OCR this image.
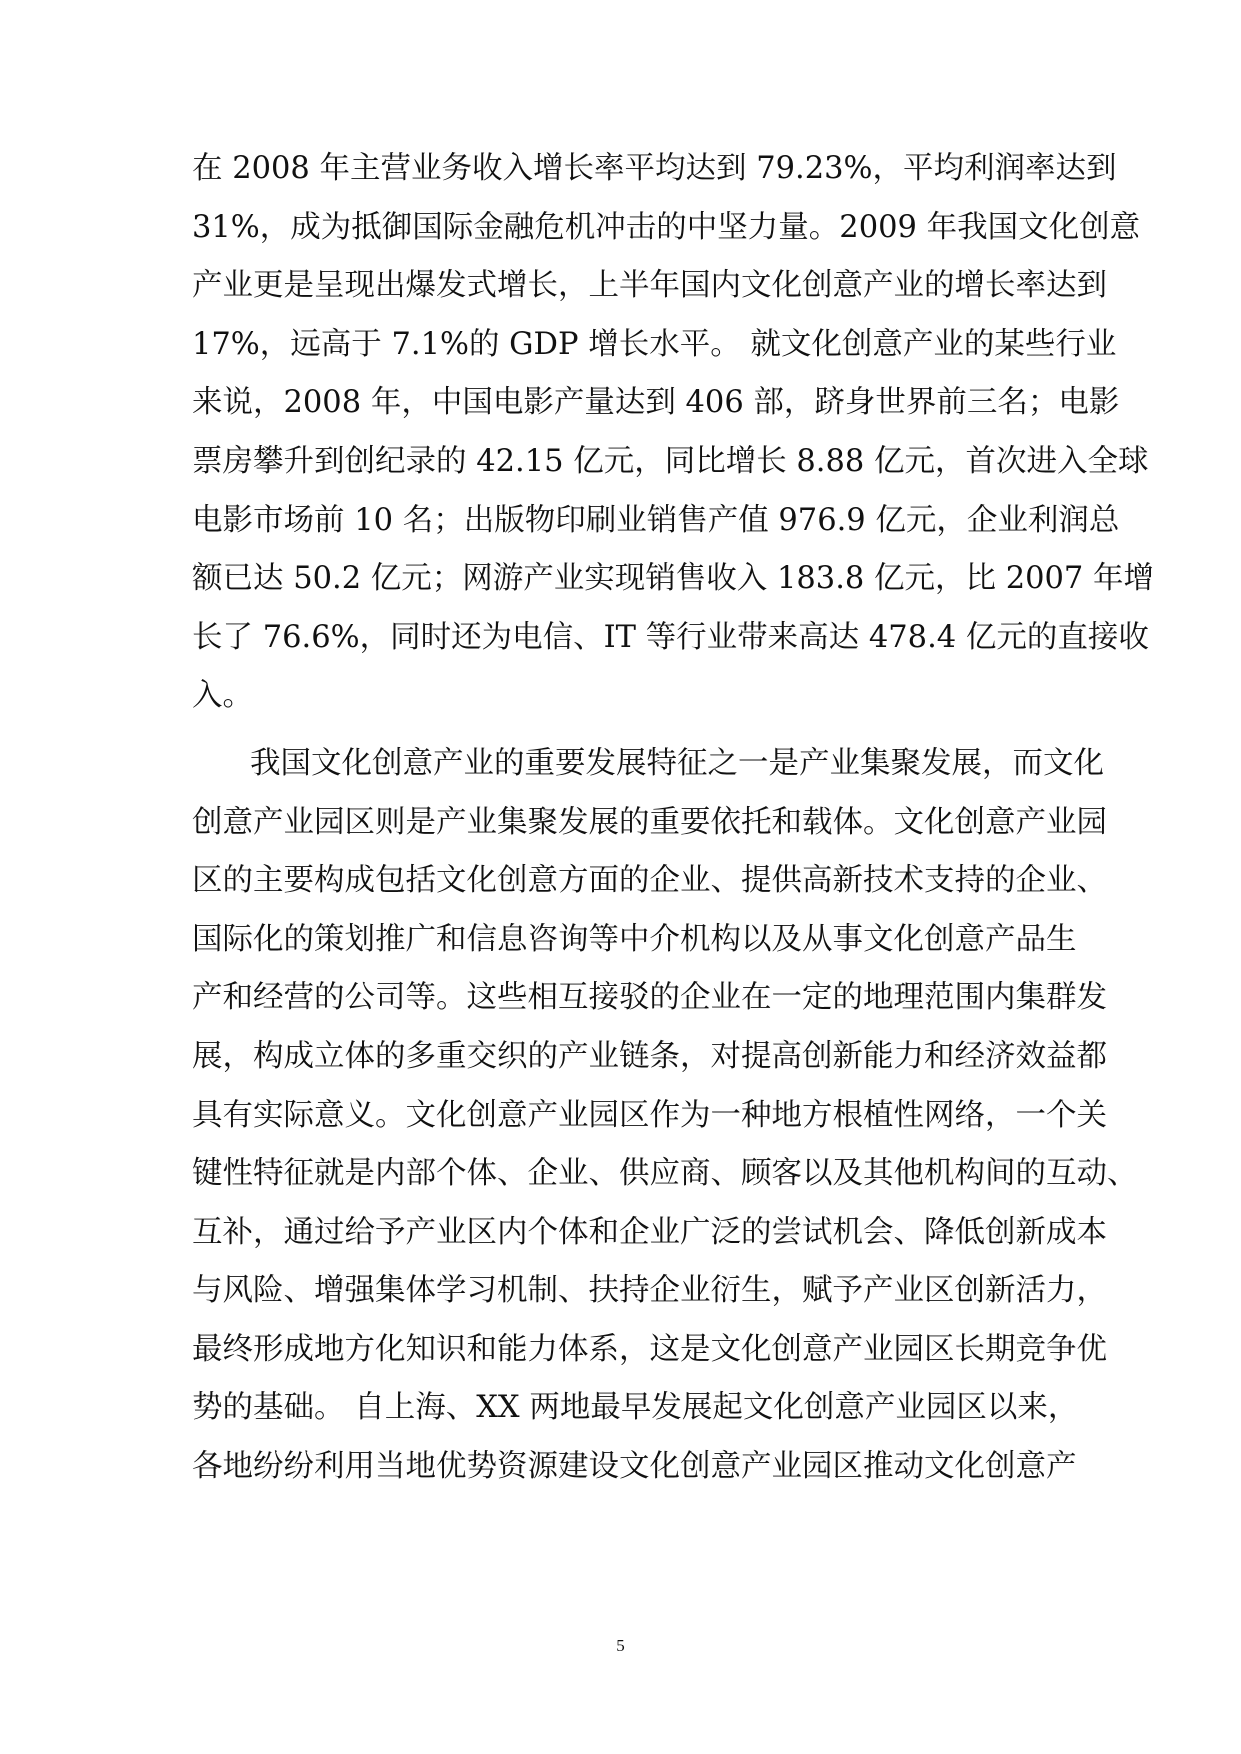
在 2008 年主营业务收入增长率平均达到 79.23%，平均利润率达到
31%，成为抵御国际金融危机冲击的中坚力量。2009 年我国文化创意
产业更是呈现出爆发式增长，上半年国内文化创意产业的增长率达到
17%，远高于 7.1%的 GDP 增长水平。 就文化创意产业的某些行业
来说，2008 年，中国电影产量达到 406 部，跻身世界前三名；电影
票房攀升到创纪录的 42.15 亿元，同比增长 8.88 亿元，首次进入全球
电影市场前 10 名；出版物印刷业销售产值 976.9 亿元，企业利润总
额已达 50.2 亿元；网游产业实现销售收入 183.8 亿元，比 2007 年增
长了 76.6%，同时还为电信、IT 等行业带来高达 478.4 亿元的直接收
入。
我国文化创意产业的重要发展特征之一是产业集聚发展，而文化
创意产业园区则是产业集聚发展的重要依托和载体。文化创意产业园
区的主要构成包括文化创意方面的企业、提供高新技术支持的企业、
国际化的策划推广和信息咨询等中介机构以及从事文化创意产品生
产和经营的公司等。这些相互接驳的企业在一定的地理范围内集群发
展，构成立体的多重交织的产业链条，对提高创新能力和经济效益都
具有实际意义。文化创意产业园区作为一种地方根植性网络，一个关
键性特征就是内部个体、企业、供应商、顾客以及其他机构间的互动、
互补，通过给予产业区内个体和企业广泛的尝试机会、降低创新成本
与风险、增强集体学习机制、扶持企业衍生，赋予产业区创新活力，
最终形成地方化知识和能力体系，这是文化创意产业园区长期竞争优
势的基础。 自上海、XX 两地最早发展起文化创意产业园区以来，
各地纷纷利用当地优势资源建设文化创意产业园区推动文化创意产
5
